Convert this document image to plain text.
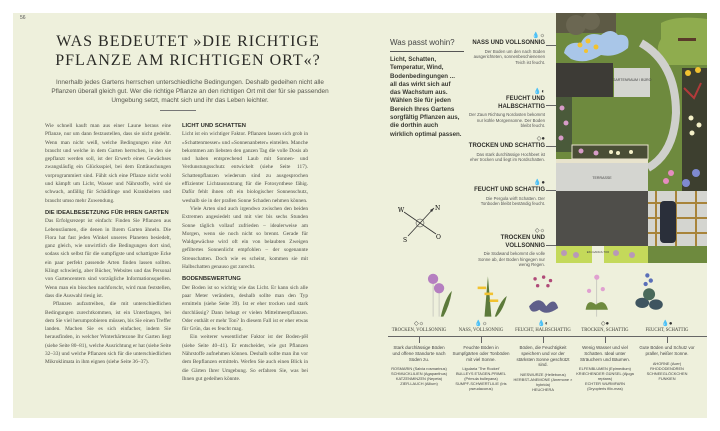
56
WAS BEDEUTET »DIE RICHTIGE PFLANZE AM RICHTIGEN ORT«?
Innerhalb jedes Gartens herrschen unterschiedliche Bedingungen. Deshalb gedeihen nicht alle Pflanzen überall gleich gut. Wer die richtige Pflanze an den richtigen Ort mit der für sie passenden Umgebung setzt, macht sich und ihr das Leben leichter.

Wie schnell kauft man aus einer Laune heraus eine Pflanze, nur um dann festzustellen, dass sie nicht gedeiht. Wenn man nicht weiß, welche Bedingungen eine Art braucht und welche in dem Garten herrschen, in den sie gepflanzt werden soll, ist der Erwerb eines Gewächses zwangsläufig ein Glücksspiel, bei dem Enttäuschungen vorprogrammiert sind. Fühlt sich eine Pflanze nicht wohl und kämpft um Licht, Wasser und Nährstoffe, wird sie schwach, anfällig für Schädlinge und Krankheiten und braucht umso mehr Zuwendung.

DIE IDEALBESETZUNG FÜR IHREN GARTEN

Das Erfolgsrezept ist einfach: Finden Sie Pflanzen aus Lebensräumen, die denen in Ihrem Garten ähneln. Die Flora hat fast jeden Winkel unseres Planeten besiedelt, ganz gleich, wie unwirtlich die Bedingungen dort sind, sodass sich selbst für die sumpfigste und schattigste Ecke ein paar perfekt passende Arten finden lassen sollten. Klingt schwierig, aber Bücher, Websites und das Personal von Gartencentern sind vorzügliche Informationsquellen. Wenn man ein bisschen nachforscht, wird man feststellen, dass die Auswahl riesig ist.

Pflanzen aufzutreiben, die mit unterschiedlichen Bedingungen zurechtkommen, ist ein Unterfangen, bei dem Sie viel herumprobieren müssen, bis Sie einen Treffer landen. Machen Sie es sich einfacher, indem Sie herausfinden, in welcher Winterhärtezone Ihr Garten liegt (siehe Seite 80–81), welche Ausrichtung er hat (siehe Seite 32–33) und welche Pflanzen sich für die unterschiedlichen Mikroklimata in ihm eignen (siehe Seite 36–37).

LICHT UND SCHATTEN

Licht ist ein wichtiger Faktor. Pflanzen lassen sich grob in »Schattenmesser« und »Sonnenanbeter« einteilen. Manche bekommen am liebsten den ganzen Tag die volle Dosis ab und haben entsprechend Laub mit Sonnen- und Verdunstungsschutz entwickelt (siehe Seite 117). Schattenpflanzen wiederum sind zu ausgesprochen effizienter Lichtausnutzung für die Fotosynthese fähig. Dafür fehlt ihnen oft ein biologischer Sonnenschutz, weshalb sie in der prallen Sonne Schaden nehmen können.

Viele Arten sind auch irgendwo zwischen den beiden Extremen angesiedelt und mit vier bis sechs Stunden Sonne täglich vollauf zufrieden – idealerweise am Morgen, wenn sie noch nicht so brennt. Gerade für Waldgewächse wird oft ein von belaubten Zweigen gefiltertes Sonnenlicht empfohlen – der sogenannte Streuschatten. Doch wie es scheint, kommen sie mit Halbschatten genauso gut zurecht.

BODENBEWERTUNG

Der Boden ist so wichtig wie das Licht. Er kann sich alle paar Meter verändern, deshalb sollte man den Typ ermitteln (siehe Seite 39). Ist er eher trocken und stark durchlässig? Dann behagt er vielen Mittelmeerpflanzen. Oder enthält er mehr Ton? In diesem Fall ist er eher etwas für Grün, das es feucht mag.

Ein weiterer wesentlicher Faktor ist der Boden-pH (siehe Seite 40–41). Er entscheidet, wie gut Pflanzen Nährstoffe aufnehmen können. Deshalb sollte man ihn vor dem Bepflanzen ermitteln. Werfen Sie auch einen Blick in die Gärten Ihrer Umgebung. So erfahren Sie, was bei Ihnen gut gedeihen könnte.

Was passt wohin?
Licht, Schatten, Temperatur, Wind, Bodenbedingungen ... all das wirkt sich auf das Wachstum aus. Wählen Sie für jeden Bereich Ihres Gartens sorgfältig Pflanzen aus, die dorthin auch wirklich optimal passen.
💧☼
NASS UND VOLLSONNIG
Der Boden um den nach Süden ausgerichteten, sonnenbeschienenen Teich ist feucht.
💧◐
FEUCHT UND HALBSCHATTIG
Der Zaun Richtung Nordosten bekommt nur kühle Morgensonne. Der Boden bleibt feucht.
◇●
TROCKEN UND SCHATTIG
Das stark durchlässige Hochbeet ist eher trocken und liegt im Nordschatten.
💧●
FEUCHT UND SCHATTIG
Die Pergola wirft Schatten. Der Tonboden bleibt beständig feucht.
◇☼
TROCKEN UND VOLLSONNIG
Die Südwand bekommt die volle Sonne ab, der Boden hingegen nur wenig Regen.
GARTENRAUM / BÜRO
TERRASSE
EIN-GANGS-TOR
N
O
S
W
◇☼
TROCKEN, VOLLSONNIG
Stark durchlässige Böden und offene Standorte nach Süden zu.
ROSMARIN (Salvia rosmarinus)
SCHMUCKLILIEN (Agapanthus)
KATZENMINZEN (Nepeta)
ZIER-LAUCH (Allium)
💧☼
NASS, VOLLSONNIG
Feuchte Böden in Sumpfgärten oder Tonböden mit viel Sonne.
Ligularia 'The Rocket'
BULLEYS ETAGEN-PRIMEL (Primula bulleyana)
SUMPF-SCHWERTLILIE (Iris pseudacorus)
💧◐
FEUCHT, HALBSCHATTIG
Böden, die Feuchtigkeit speichern und vor der stärksten Sonne geschützt sind.
NIESWURZE (Helleborus)
HERBST-ANEMONE (Anemone × hybrida)
HEUCHERA
◇●
TROCKEN, SCHATTIG
Wenig Wasser und viel Schatten. Ideal unter Sträuchern und Bäumen.
ELFENBLUMEN (Epimedium)
KRIECHENDER GÜNSEL (Ajuga reptans)
ECHTER WURMFARN (Dryopteris filix-mas)
💧●
FEUCHT, SCHATTIG
Gute Böden und Schutz vor praller, heißer Sonne.
AHORNE (Acer)
RHODODENDREN
SCHNEEGLÖCKCHEN
FUNKIEN
